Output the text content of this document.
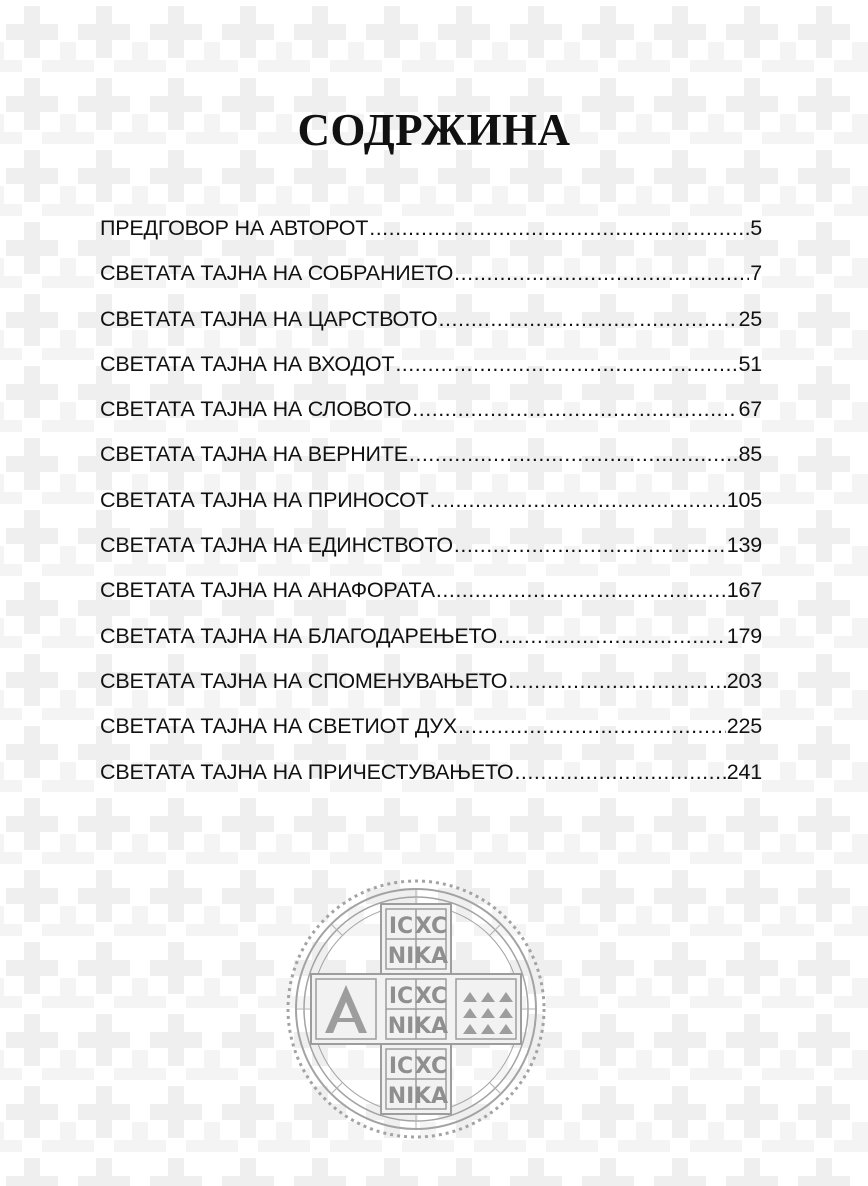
СОДРЖИНА
ПРЕДГОВОР НА АВТОРОТ .....	5
СВЕТАТА ТАЈНА НА СОБРАНИЕТО .....	7
СВЕТАТА ТАЈНА НА ЦАРСТВОТО .....	25
СВЕТАТА ТАЈНА НА ВХОДОТ .....	51
СВЕТАТА ТАЈНА НА СЛОВОТО .....	67
СВЕТАТА ТАЈНА НА ВЕРНИТЕ .....	85
СВЕТАТА ТАЈНА НА ПРИНОСОТ .....	105
СВЕТАТА ТАЈНА НА ЕДИНСТВОТО .....	139
СВЕТАТА ТАЈНА НА АНАФОРАТА .....	167
СВЕТАТА ТАЈНА НА БЛАГОДАРЕЊЕТО .....	179
СВЕТАТА ТАЈНА НА СПОМЕНУВАЊЕТО .....	203
СВЕТАТА ТАЈНА НА СВЕТИОТ ДУХ .....	225
СВЕТАТА ТАЈНА НА ПРИЧЕСТУВАЊЕТО .....	241
IC XC
NI KA
IC XC
NI KA
IC XC
NI KA
